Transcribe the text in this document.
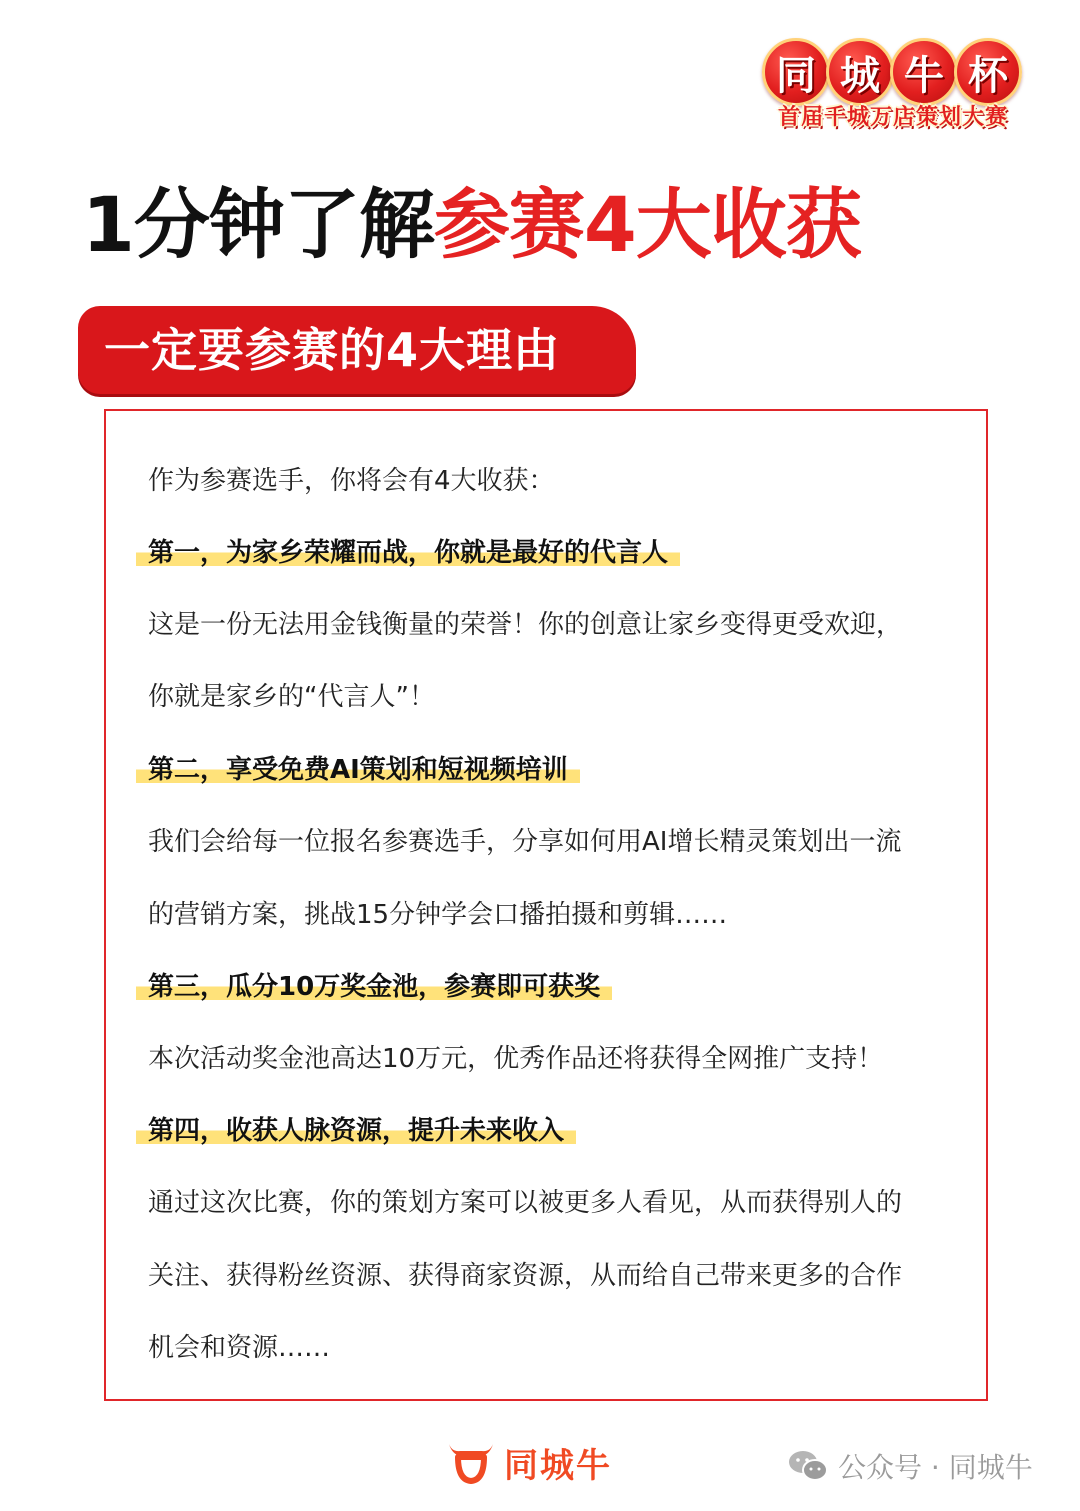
同 城 牛 杯
首届千城万店策划大赛
1分钟了解参赛4大收获
一定要参赛的4大理由
作为参赛选手，你将会有4大收获：
第一，为家乡荣耀而战，你就是最好的代言人
这是一份无法用金钱衡量的荣誉！你的创意让家乡变得更受欢迎，
你就是家乡的“代言人”！
第二，享受免费AI策划和短视频培训
我们会给每一位报名参赛选手，分享如何用AI增长精灵策划出一流
的营销方案，挑战15分钟学会口播拍摄和剪辑……
第三，瓜分10万奖金池，参赛即可获奖
本次活动奖金池高达10万元，优秀作品还将获得全网推广支持！
第四，收获人脉资源，提升未来收入
通过这次比赛，你的策划方案可以被更多人看见，从而获得别人的
关注、获得粉丝资源、获得商家资源，从而给自己带来更多的合作
机会和资源……
同城牛	公众号 · 同城牛
